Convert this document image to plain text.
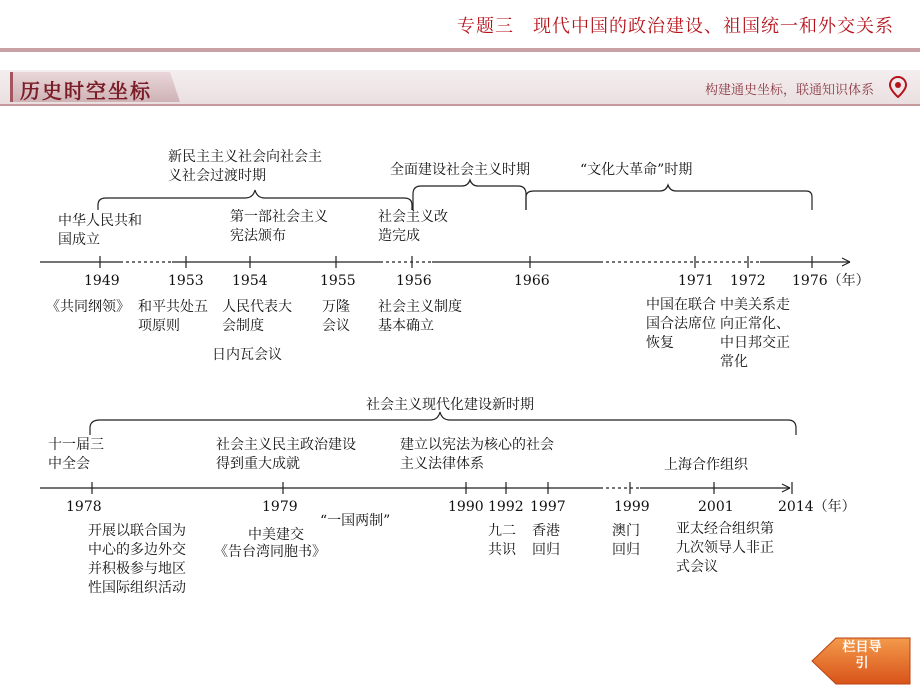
专题三　现代中国的政治建设、祖国统一和外交关系
历史时空坐标	构建通史坐标，联通知识体系
新民主主义社会向社会主义社会过渡时期	全面建设社会主义时期	“文化大革命”时期
中华人民共和国成立
第一部社会主义宪法颁布
社会主义改造完成
1949	1953 1954	1955	1956	1966	1971 1972 1976（年）
《共同纲领》 和平共处五项原则
人民代表大会制度
日内瓦会议
万隆会议
社会主义制度基本确立
中国在联合国合法席位恢复
中美关系走向正常化、中日邦交正常化
社会主义现代化建设新时期
十一届三中全会
社会主义民主政治建设得到重大成就
建立以宪法为核心的社会主义法律体系	上海合作组织
1978	1979	1990 1992 1997	1999	2001	2014（年）
开展以联合国为中心的多边外交并积极参与地区性国际组织活动
中美建交
《告台湾同胞书》
“一国两制”
九二共识
香港回归
澳门回归
亚太经合组织第九次领导人非正式会议
栏目导引
